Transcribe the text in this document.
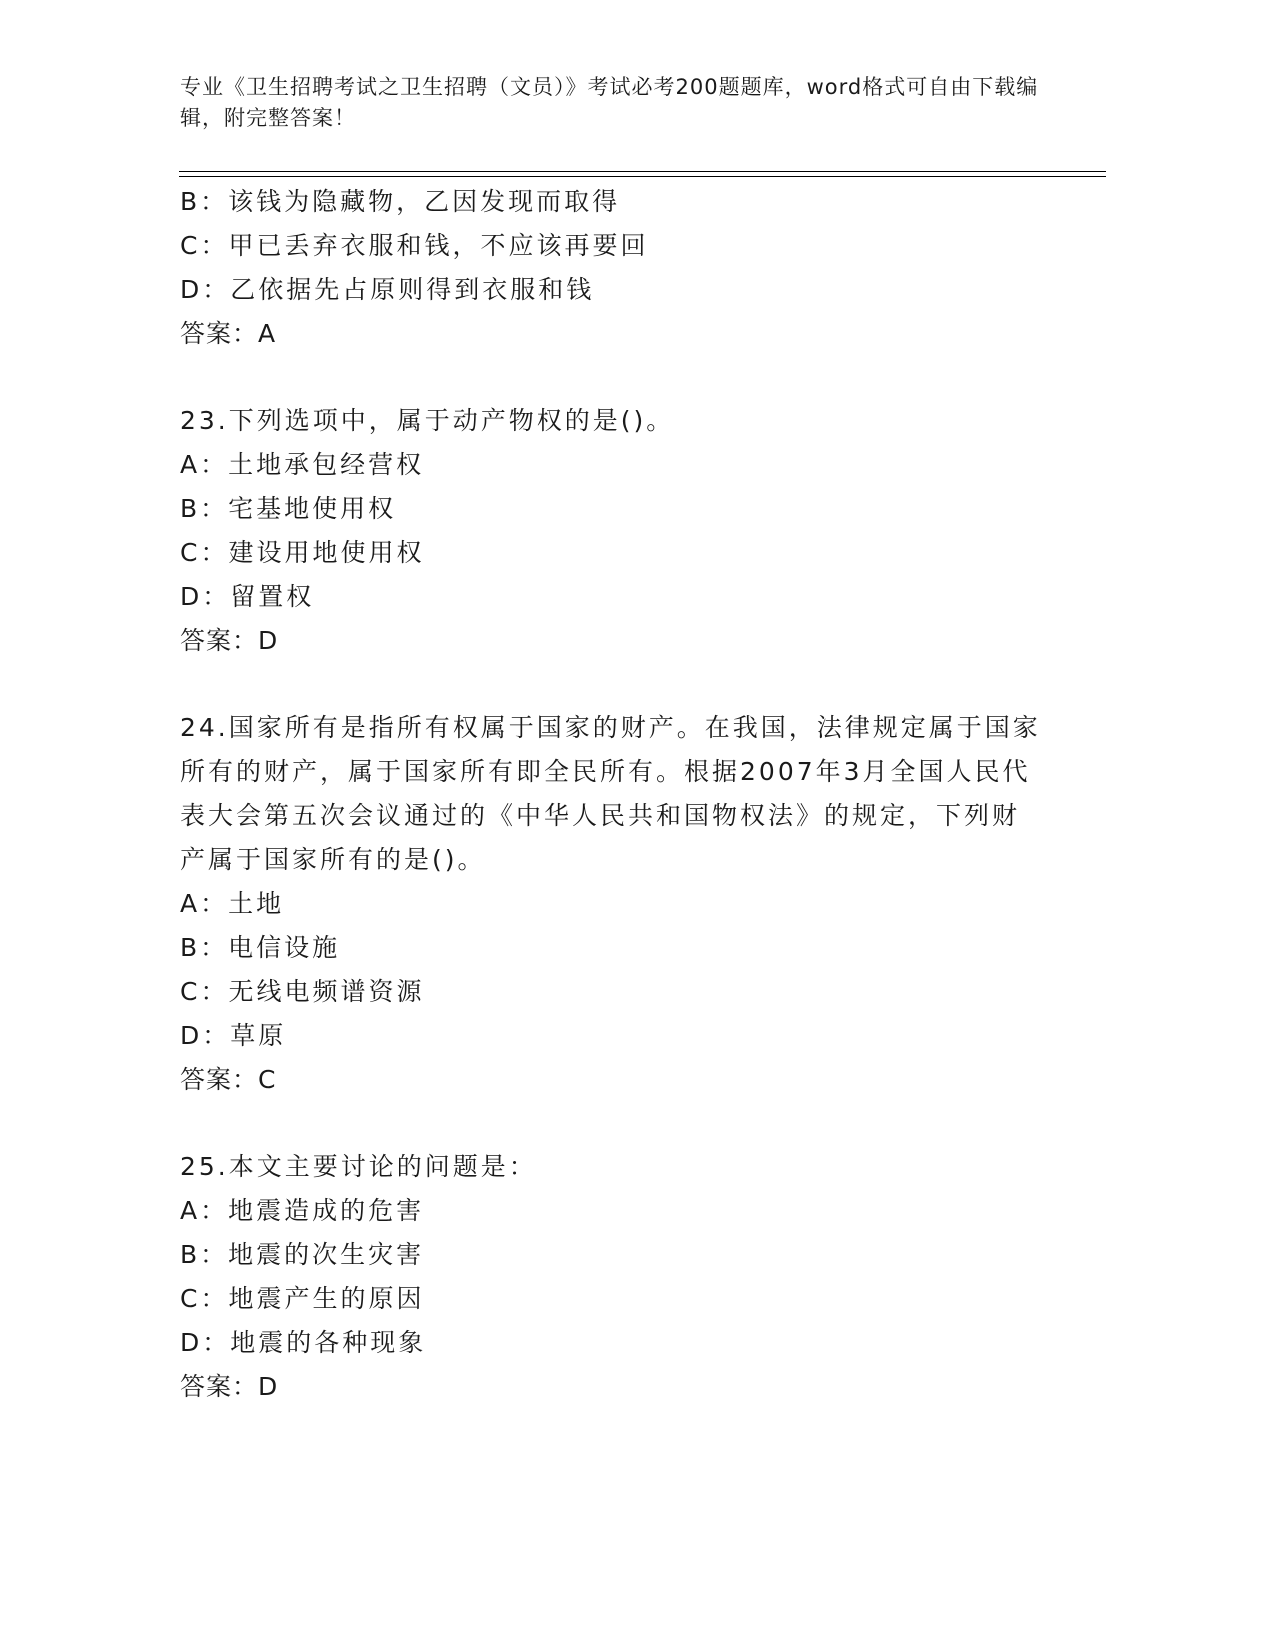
专业《卫生招聘考试之卫生招聘（文员）》考试必考200题题库，word格式可自由下载编辑，附完整答案！
B：该钱为隐藏物，乙因发现而取得
C：甲已丢弃衣服和钱，不应该再要回
D：乙依据先占原则得到衣服和钱
答案：A
23.下列选项中，属于动产物权的是()。
A：土地承包经营权
B：宅基地使用权
C：建设用地使用权
D：留置权
答案：D
24.国家所有是指所有权属于国家的财产。在我国，法律规定属于国家
所有的财产，属于国家所有即全民所有。根据2007年3月全国人民代
表大会第五次会议通过的《中华人民共和国物权法》的规定，下列财
产属于国家所有的是()。
A：土地
B：电信设施
C：无线电频谱资源
D：草原
答案：C
25.本文主要讨论的问题是：
A：地震造成的危害
B：地震的次生灾害
C：地震产生的原因
D：地震的各种现象
答案：D
